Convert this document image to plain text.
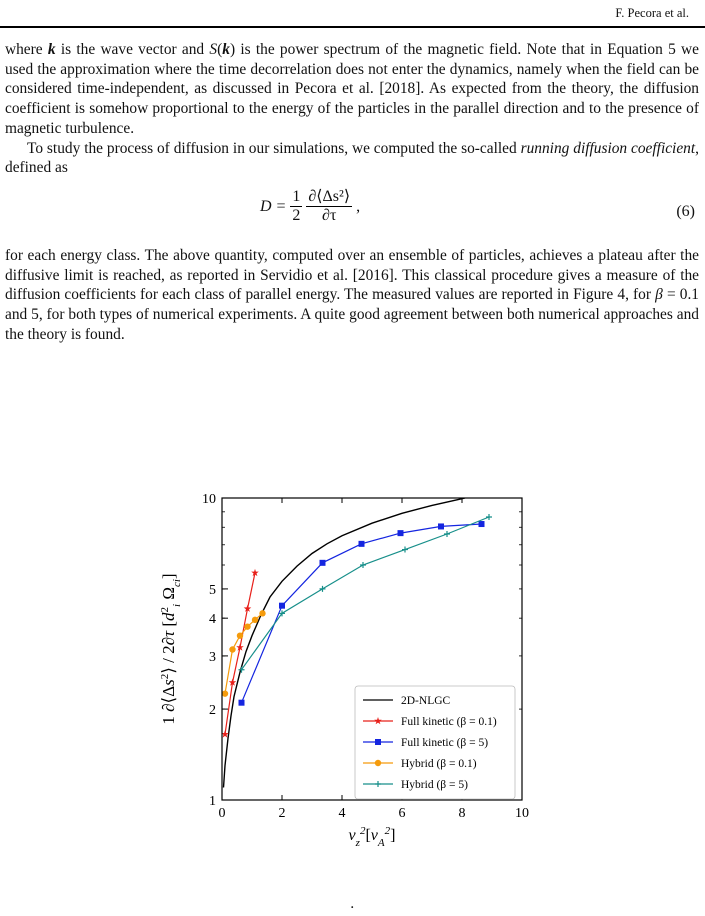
F. Pecora et al.

where k is the wave vector and S(k) is the power spectrum of the magnetic field. Note that in Equation 5 we used the approximation where the time decorrelation does not enter the dynamics, namely when the field can be considered time-independent, as discussed in Pecora et al. [2018]. As expected from the theory, the diffusion coefficient is somehow proportional to the energy of the particles in the parallel direction and to the presence of magnetic turbulence.

To study the process of diffusion in our simulations, we computed the so-called running diffusion coefficient, defined as

$D = \frac{1}{2} \frac{\text{∂⟨Δs²⟩}}{\partial\tau}$ ,	(6)

for each energy class. The above quantity, computed over an ensemble of particles, achieves a plateau after the diffusive limit is reached, as reported in Servidio et al. [2016]. This classical procedure gives a measure of the diffusion coefficients for each class of parallel energy. The measured values are reported in Figure 4, for β = 0.1 and 5, for both types of numerical experiments. A quite good agreement between both numerical approaches and the theory is found.

0	2	4	6	8	10
1
2
3
4
5
10
$v_z^2[v_A^2]$
1 $\partial⟨\Delta s^2⟩ / 2\partial\tau$ [$d^2_i$ $\Omega_{ci}$]
2D-NLGC
Full kinetic (β = 0.1)
Full kinetic (β = 5)
Hybrid (β = 0.1)
Hybrid (β = 5)
.
